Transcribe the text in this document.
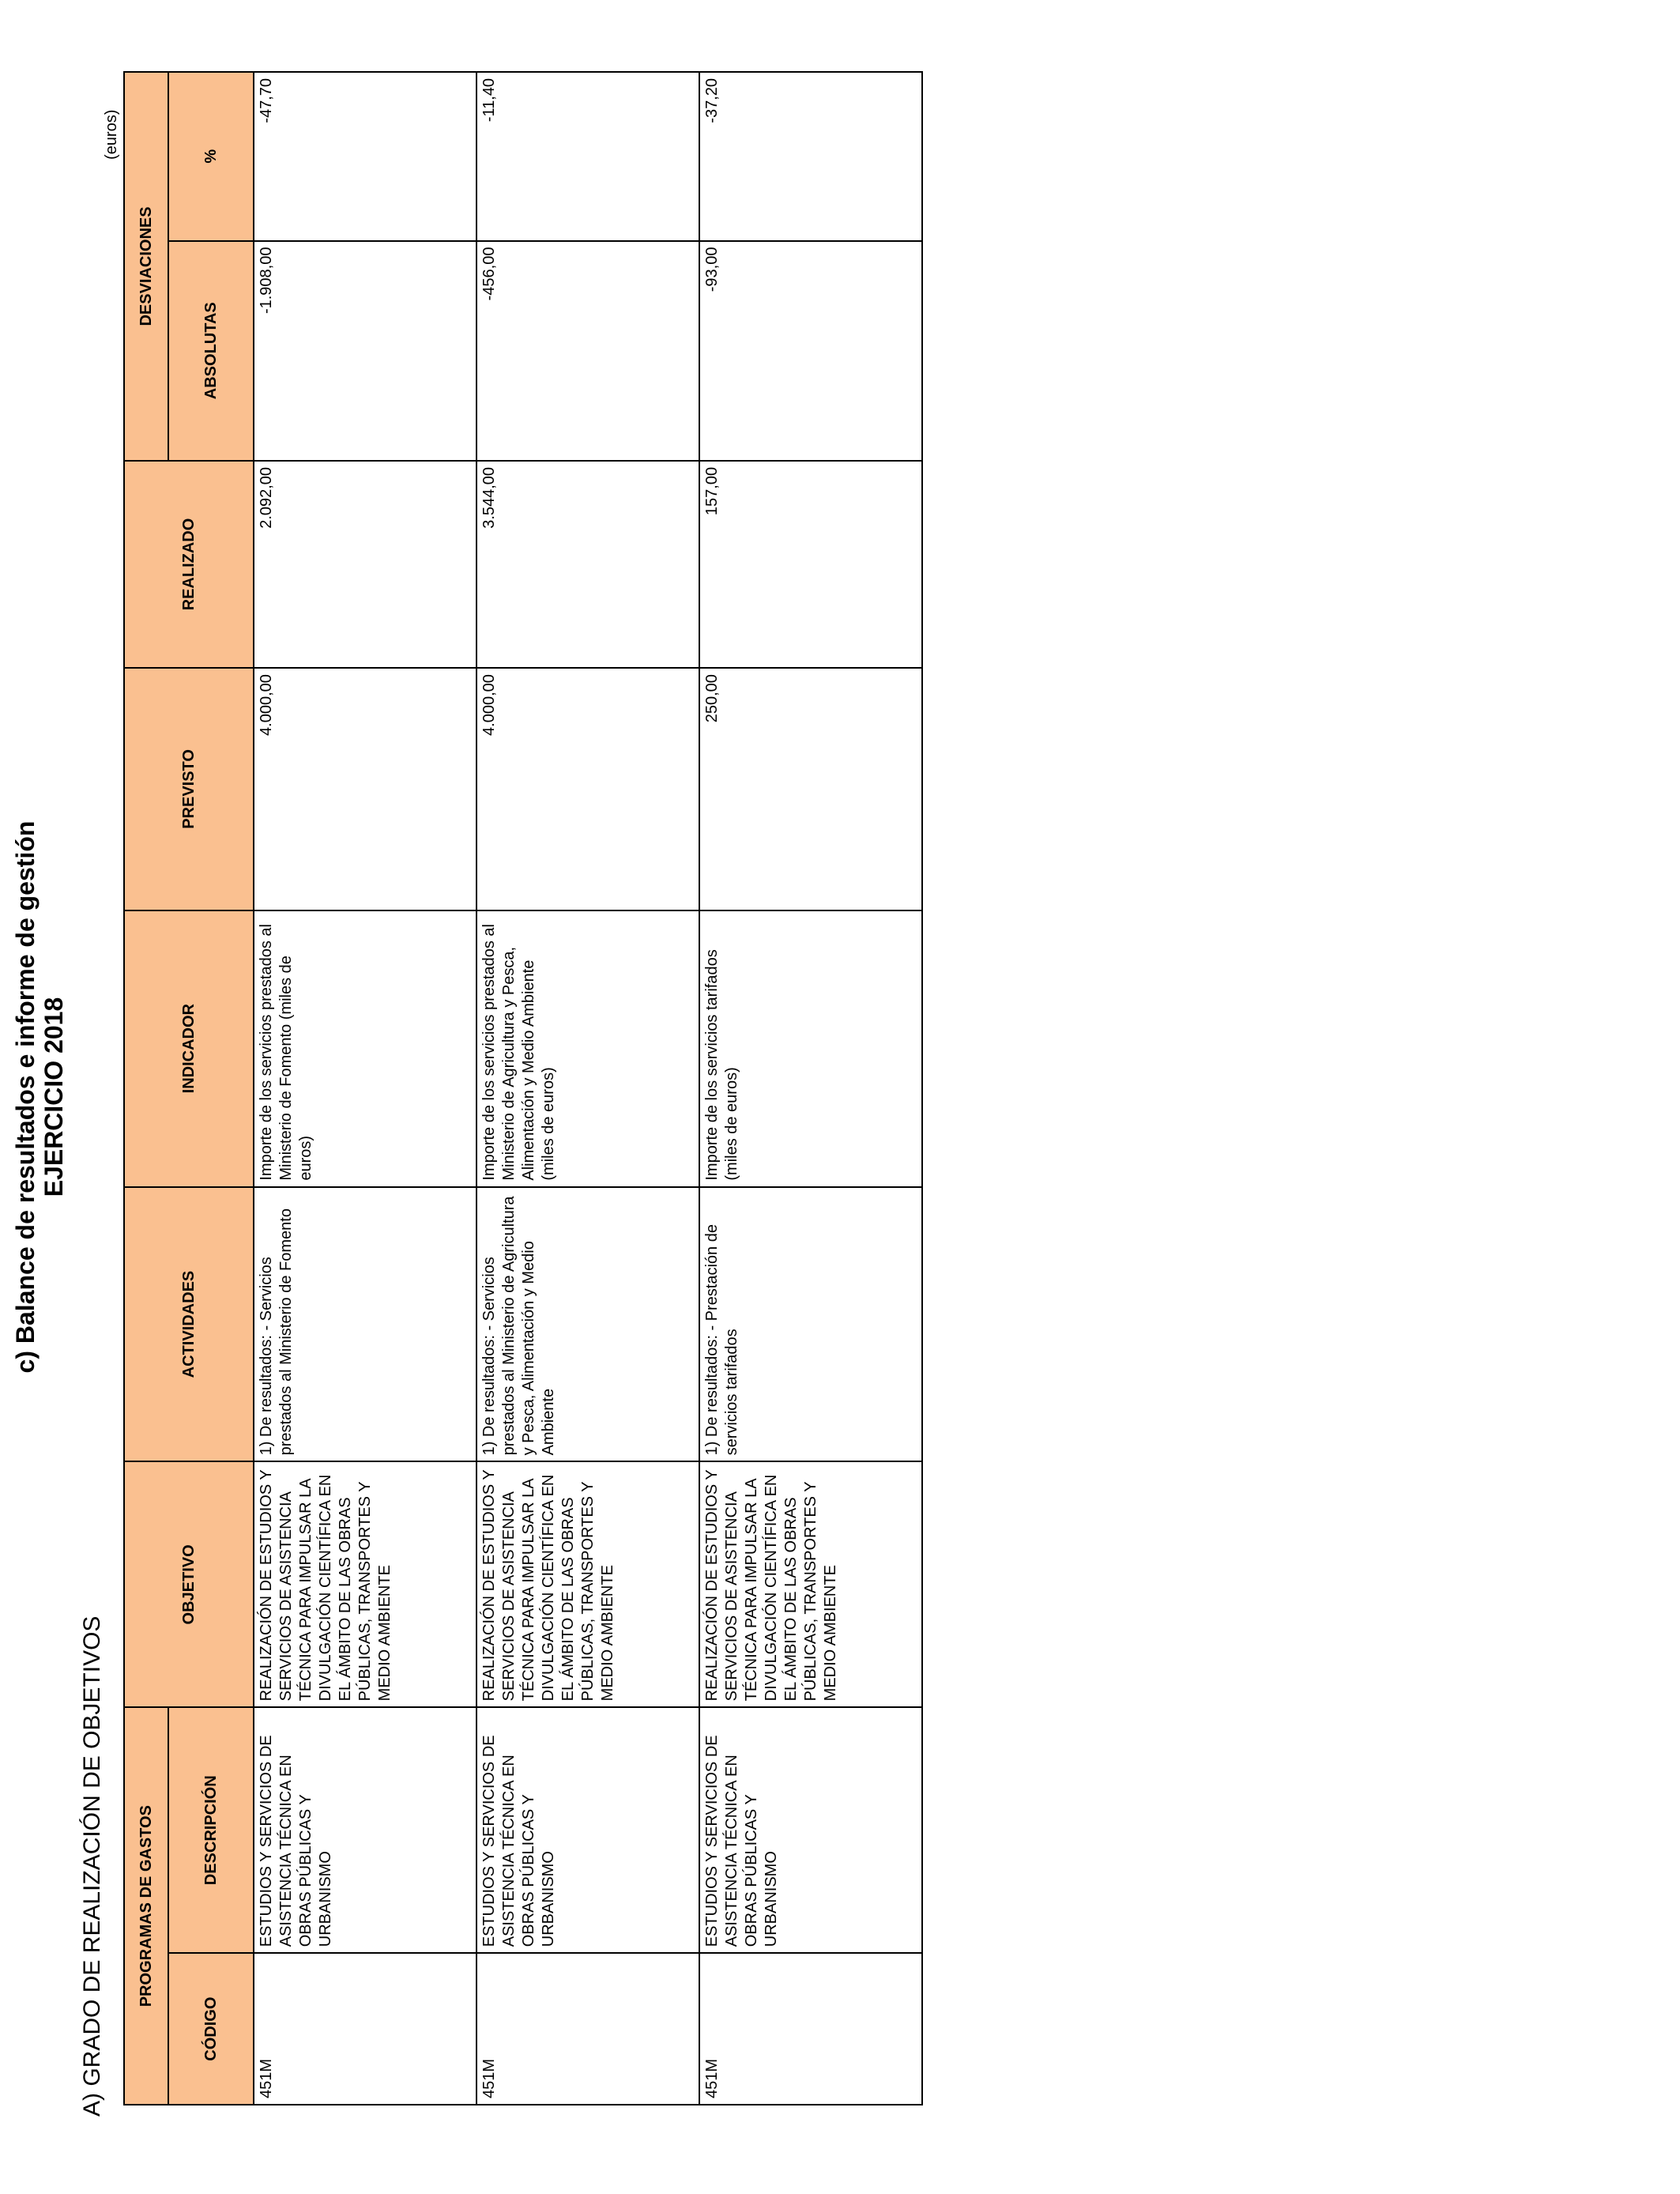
c) Balance de resultados e informe de gestión EJERCICIO 2018
A) GRADO DE REALIZACIÓN DE OBJETIVOS
(euros)
PROGRAMAS DE GASTOS		OBJETIVO	ACTIVIDADES	INDICADOR	PREVISTO	REALIZADO	DESVIACIONES	
CÓDIGO	DESCRIPCIÓN						ABSOLUTAS	%
451M	ESTUDIOS Y SERVICIOS DE ASISTENCIA TÉCNICA EN OBRAS PÚBLICAS Y URBANISMO	REALIZACIÓN DE ESTUDIOS Y SERVICIOS DE ASISTENCIA TÉCNICA PARA IMPULSAR LA DIVULGACIÓN CIENTÍFICA EN EL ÁMBITO DE LAS OBRAS PÚBLICAS, TRANSPORTES Y MEDIO AMBIENTE	1) De resultados: - Servicios prestados al Ministerio de Fomento	Importe de los servicios prestados al Ministerio de Fomento (miles de euros)	4.000,00	2.092,00	-1.908,00	-47,70
451M	ESTUDIOS Y SERVICIOS DE ASISTENCIA TÉCNICA EN OBRAS PÚBLICAS Y URBANISMO	REALIZACIÓN DE ESTUDIOS Y SERVICIOS DE ASISTENCIA TÉCNICA PARA IMPULSAR LA DIVULGACIÓN CIENTÍFICA EN EL ÁMBITO DE LAS OBRAS PÚBLICAS, TRANSPORTES Y MEDIO AMBIENTE	1) De resultados: - Servicios prestados al Ministerio de Agricultura y Pesca, Alimentación y Medio Ambiente	Importe de los servicios prestados al Ministerio de Agricultura y Pesca, Alimentación y Medio Ambiente (miles de euros)	4.000,00	3.544,00	-456,00	-11,40
451M	ESTUDIOS Y SERVICIOS DE ASISTENCIA TÉCNICA EN OBRAS PÚBLICAS Y URBANISMO	REALIZACIÓN DE ESTUDIOS Y SERVICIOS DE ASISTENCIA TÉCNICA PARA IMPULSAR LA DIVULGACIÓN CIENTÍFICA EN EL ÁMBITO DE LAS OBRAS PÚBLICAS, TRANSPORTES Y MEDIO AMBIENTE	1) De resultados: - Prestación de servicios tarifados	Importe de los servicios tarifados (miles de euros)	250,00	157,00	-93,00	-37,20
